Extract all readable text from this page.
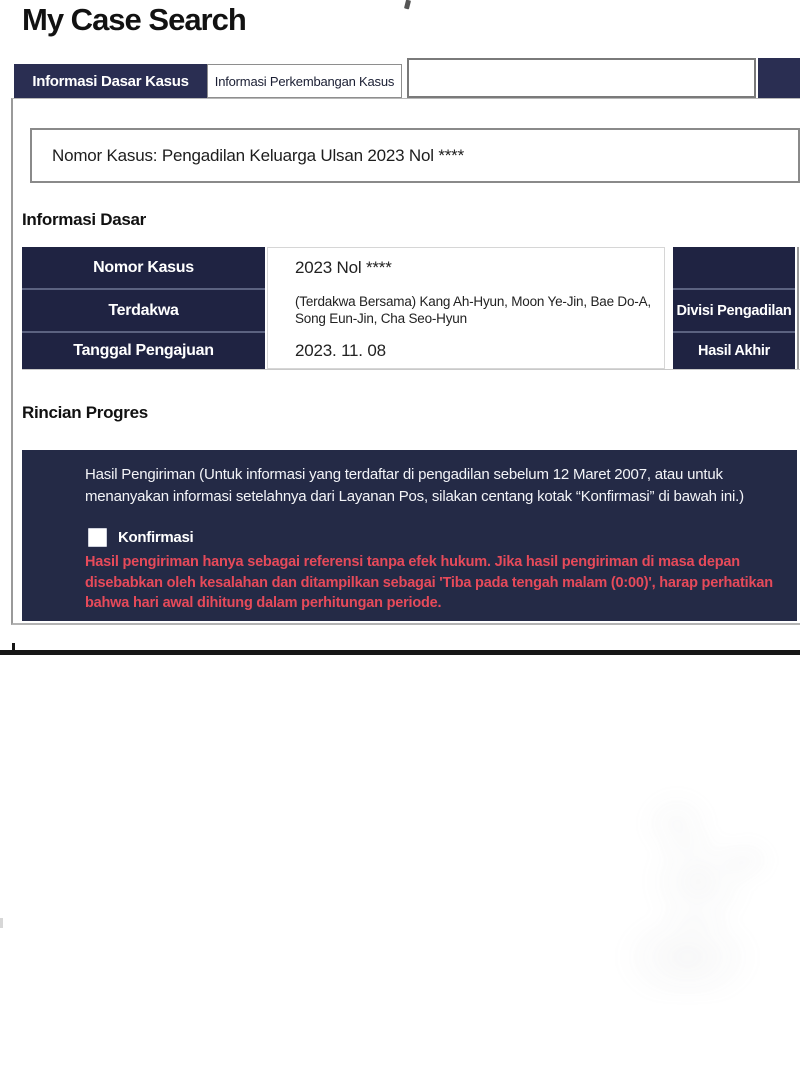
My Case Search
Informasi Dasar Kasus	Informasi Perkembangan Kasus
Nomor Kasus: Pengadilan Keluarga Ulsan 2023 Nol ****
Informasi Dasar
Nomor Kasus
Terdakwa
Tanggal Pengajuan
2023 Nol ****
(Terdakwa Bersama) Kang Ah-Hyun, Moon Ye-Jin, Bae Do-A, Song Eun-Jin, Cha Seo-Hyun
2023. 11. 08
Divisi Pengadilan
Hasil Akhir
Rincian Progres
Hasil Pengiriman (Untuk informasi yang terdaftar di pengadilan sebelum 12 Maret 2007, atau untuk menanyakan informasi setelahnya dari Layanan Pos, silakan centang kotak “Konfirmasi” di bawah ini.)
Konfirmasi
Hasil pengiriman hanya sebagai referensi tanpa efek hukum. Jika hasil pengiriman di masa depan disebabkan oleh kesalahan dan ditampilkan sebagai 'Tiba pada tengah malam (0:00)', harap perhatikan bahwa hari awal dihitung dalam perhitungan periode.
